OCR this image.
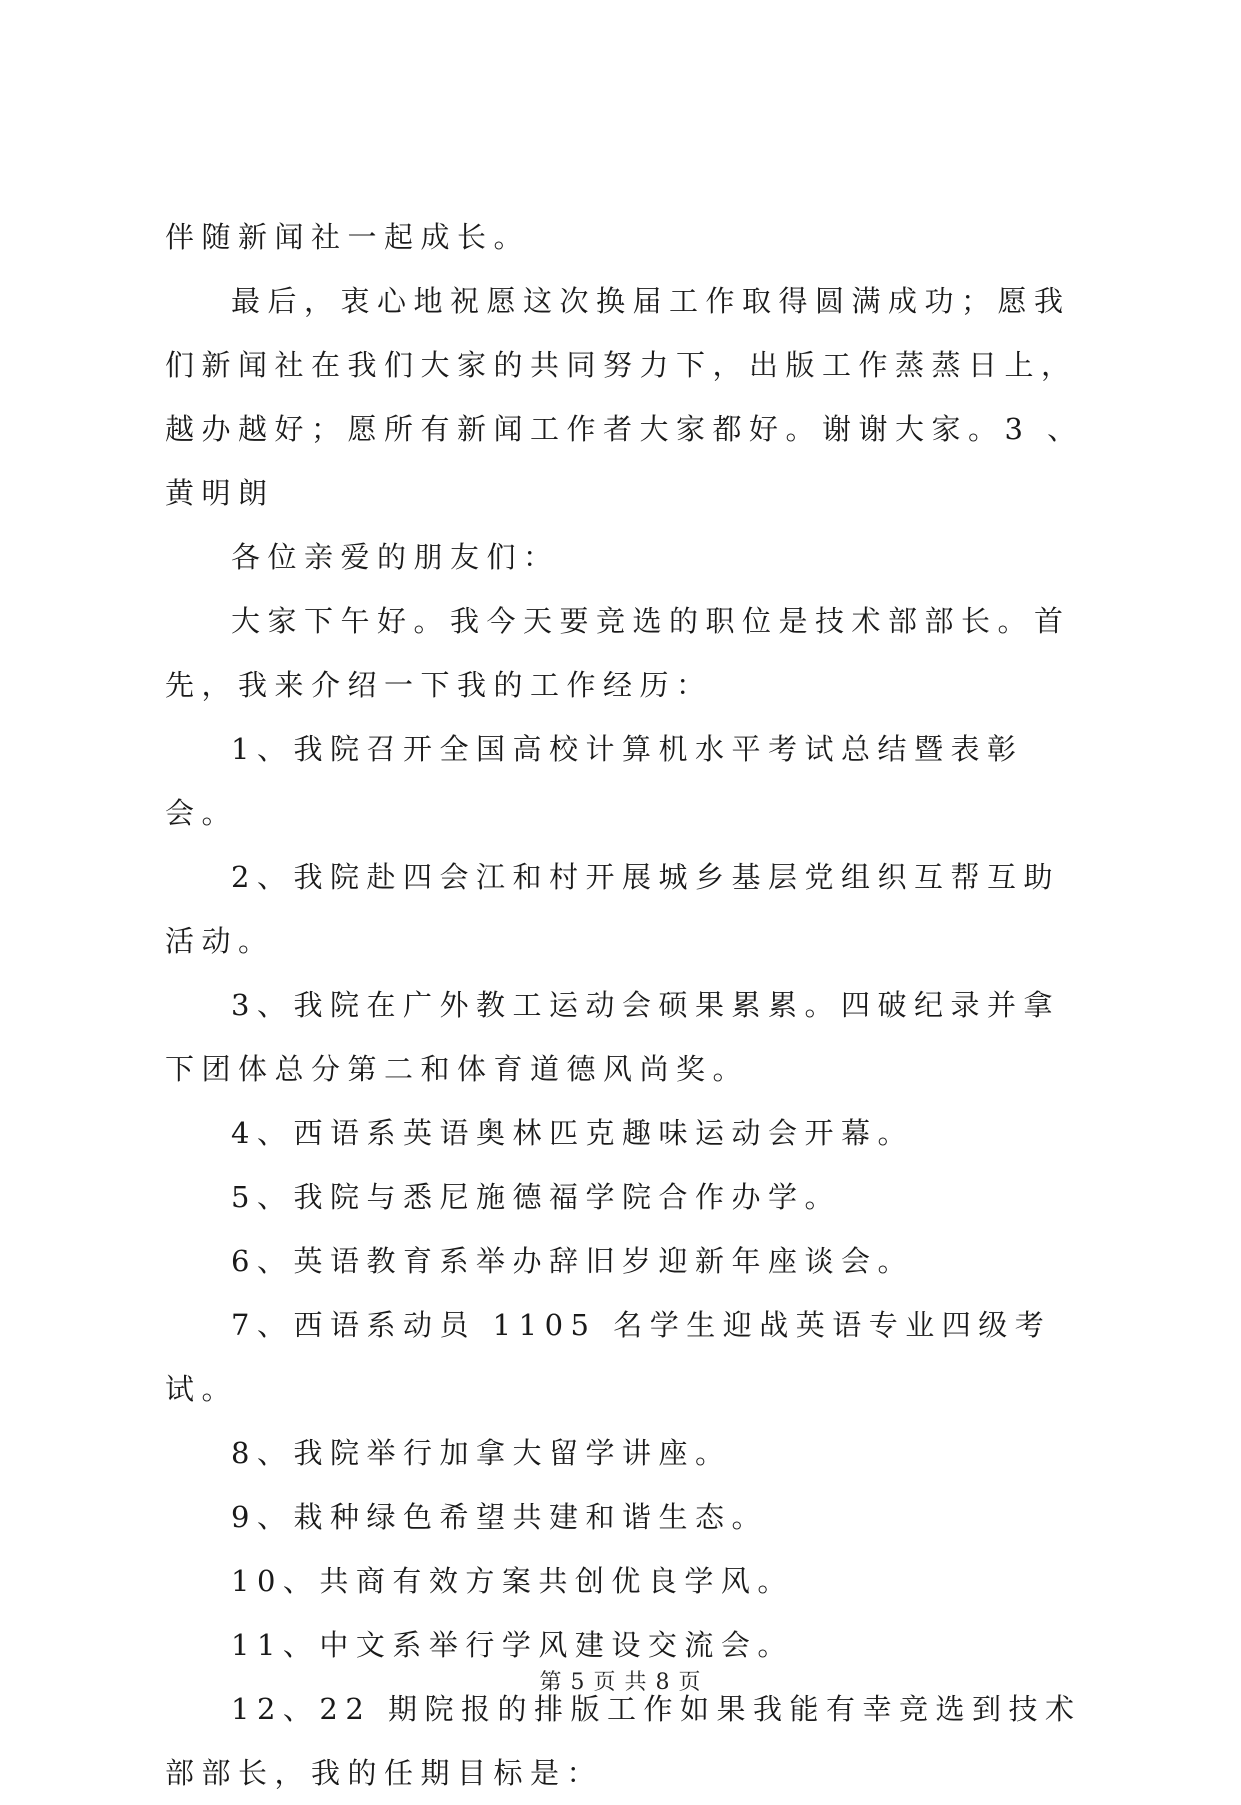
伴随新闻社一起成长。

最后，衷心地祝愿这次换届工作取得圆满成功；愿我们新闻社在我们大家的共同努力下，出版工作蒸蒸日上，越办越好；愿所有新闻工作者大家都好。谢谢大家。3 、黄明朗

各位亲爱的朋友们：

大家下午好。我今天要竞选的职位是技术部部长。首先，我来介绍一下我的工作经历：

1、我院召开全国高校计算机水平考试总结暨表彰会。

2、我院赴四会江和村开展城乡基层党组织互帮互助活动。

3、我院在广外教工运动会硕果累累。四破纪录并拿下团体总分第二和体育道德风尚奖。

4、西语系英语奥林匹克趣味运动会开幕。

5、我院与悉尼施德福学院合作办学。

6、英语教育系举办辞旧岁迎新年座谈会。

7、西语系动员 1105 名学生迎战英语专业四级考试。

8、我院举行加拿大留学讲座。

9、栽种绿色希望共建和谐生态。

10、共商有效方案共创优良学风。

11、中文系举行学风建设交流会。

12、22 期院报的排版工作如果我能有幸竞选到技术部部长，我的任期目标是：

第 5 页 共 8 页
